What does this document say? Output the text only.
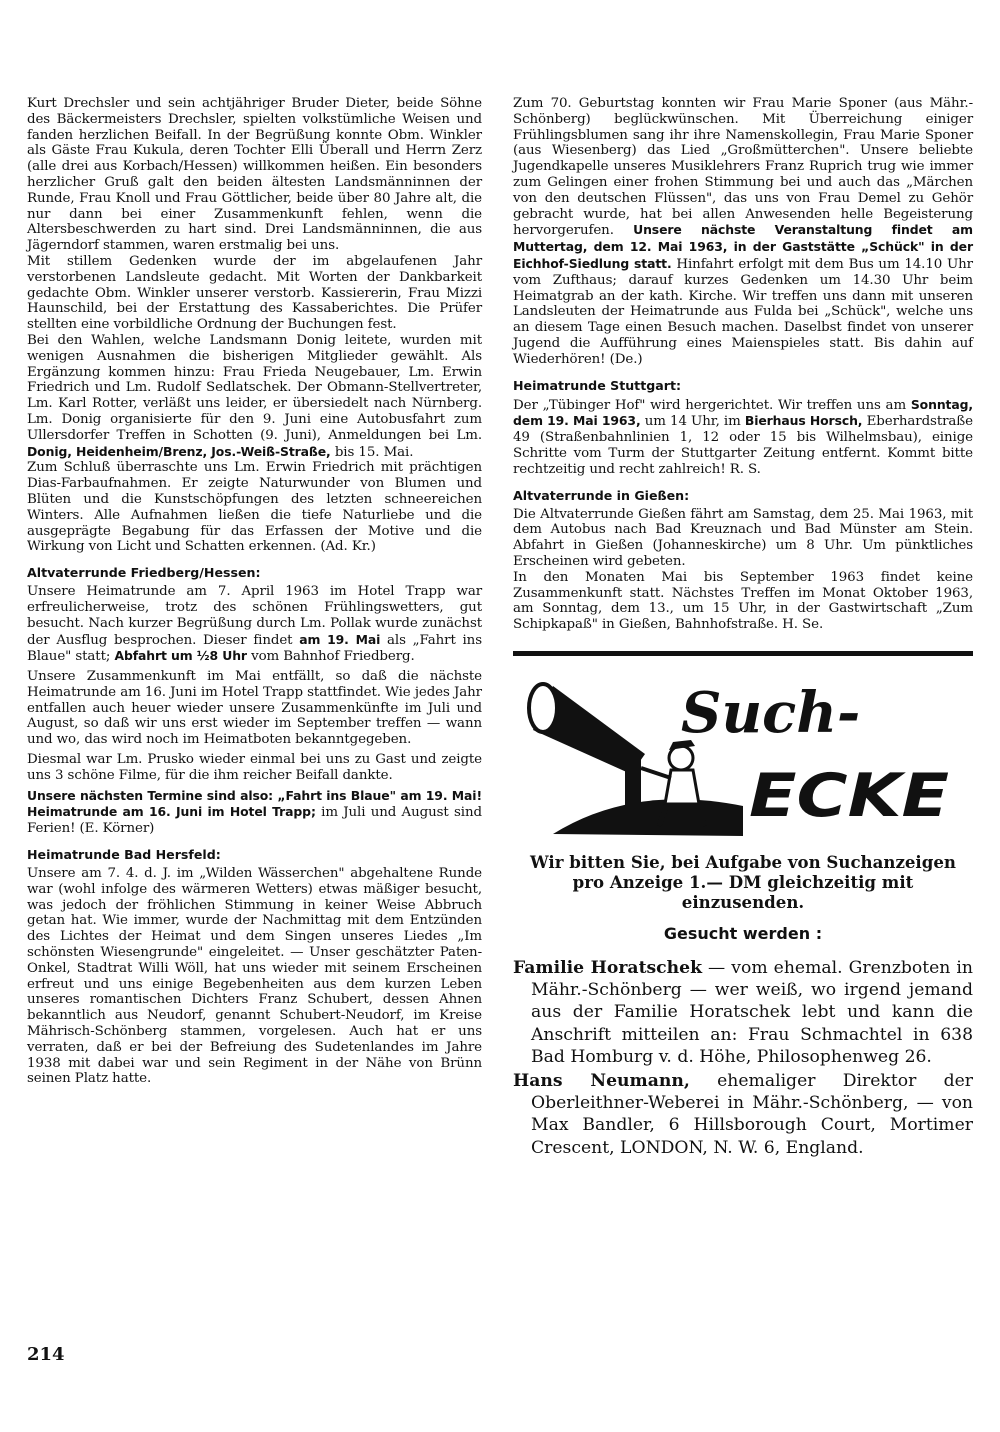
Kurt Drechsler und sein achtjähriger Bruder Dieter, beide Söhne des Bäckermeisters Drechsler, spielten volkstümliche Weisen und fanden herzlichen Beifall. In der Begrüßung konnte Obm. Winkler als Gäste Frau Kukula, deren Tochter Elli Überall und Herrn Zerz (alle drei aus Korbach/Hessen) willkommen heißen. Ein besonders herzlicher Gruß galt den beiden ältesten Landsmänninnen der Runde, Frau Knoll und Frau Göttlicher, beide über 80 Jahre alt, die nur dann bei einer Zusammenkunft fehlen, wenn die Altersbeschwerden zu hart sind. Drei Landsmänninnen, die aus Jägerndorf stammen, waren erstmalig bei uns.

Mit stillem Gedenken wurde der im abgelaufenen Jahr verstorbenen Landsleute gedacht. Mit Worten der Dankbarkeit gedachte Obm. Winkler unserer verstorb. Kassiererin, Frau Mizzi Haunschild, bei der Erstattung des Kassaberichtes. Die Prüfer stellten eine vorbildliche Ordnung der Buchungen fest.

Bei den Wahlen, welche Landsmann Donig leitete, wurden mit wenigen Ausnahmen die bisherigen Mitglieder gewählt. Als Ergänzung kommen hinzu: Frau Frieda Neugebauer, Lm. Erwin Friedrich und Lm. Rudolf Sedlatschek. Der Obmann-Stellvertreter, Lm. Karl Rotter, verläßt uns leider, er übersiedelt nach Nürnberg. Lm. Donig organisierte für den 9. Juni eine Autobusfahrt zum Ullersdorfer Treffen in Schotten (9. Juni), Anmeldungen bei Lm. Donig, Heidenheim/Brenz, Jos.-Weiß-Straße, bis 15. Mai.

Zum Schluß überraschte uns Lm. Erwin Friedrich mit prächtigen Dias-Farbaufnahmen. Er zeigte Naturwunder von Blumen und Blüten und die Kunstschöpfungen des letzten schneereichen Winters. Alle Aufnahmen ließen die tiefe Naturliebe und die ausgeprägte Begabung für das Erfassen der Motive und die Wirkung von Licht und Schatten erkennen. (Ad. Kr.)

Altvaterrunde Friedberg/Hessen:

Unsere Heimatrunde am 7. April 1963 im Hotel Trapp war erfreulicherweise, trotz des schönen Frühlingswetters, gut besucht. Nach kurzer Begrüßung durch Lm. Pollak wurde zunächst der Ausflug besprochen. Dieser findet am 19. Mai als „Fahrt ins Blaue" statt; Abfahrt um ½8 Uhr vom Bahnhof Friedberg.

Unsere Zusammenkunft im Mai entfällt, so daß die nächste Heimatrunde am 16. Juni im Hotel Trapp stattfindet. Wie jedes Jahr entfallen auch heuer wieder unsere Zusammenkünfte im Juli und August, so daß wir uns erst wieder im September treffen — wann und wo, das wird noch im Heimatboten bekanntgegeben.

Diesmal war Lm. Prusko wieder einmal bei uns zu Gast und zeigte uns 3 schöne Filme, für die ihm reicher Beifall dankte.

Unsere nächsten Termine sind also: „Fahrt ins Blaue" am 19. Mai! Heimatrunde am 16. Juni im Hotel Trapp; im Juli und August sind Ferien! (E. Körner)

Heimatrunde Bad Hersfeld:

Unsere am 7. 4. d. J. im „Wilden Wässerchen" abgehaltene Runde war (wohl infolge des wärmeren Wetters) etwas mäßiger besucht, was jedoch der fröhlichen Stimmung in keiner Weise Abbruch getan hat. Wie immer, wurde der Nachmittag mit dem Entzünden des Lichtes der Heimat und dem Singen unseres Liedes „Im schönsten Wiesengrunde" eingeleitet. — Unser geschätzter Paten-Onkel, Stadtrat Willi Wöll, hat uns wieder mit seinem Erscheinen erfreut und uns einige Begebenheiten aus dem kurzen Leben unseres romantischen Dichters Franz Schubert, dessen Ahnen bekanntlich aus Neudorf, genannt Schubert-Neudorf, im Kreise Mährisch-Schönberg stammen, vorgelesen. Auch hat er uns verraten, daß er bei der Befreiung des Sudetenlandes im Jahre 1938 mit dabei war und sein Regiment in der Nähe von Brünn seinen Platz hatte.

214

Zum 70. Geburtstag konnten wir Frau Marie Sponer (aus Mähr.-Schönberg) beglückwünschen. Mit Überreichung einiger Frühlingsblumen sang ihr ihre Namenskollegin, Frau Marie Sponer (aus Wiesenberg) das Lied „Großmütterchen". Unsere beliebte Jugendkapelle unseres Musiklehrers Franz Ruprich trug wie immer zum Gelingen einer frohen Stimmung bei und auch das „Märchen von den deutschen Flüssen", das uns von Frau Demel zu Gehör gebracht wurde, hat bei allen Anwesenden helle Begeisterung hervorgerufen. Unsere nächste Veranstaltung findet am Muttertag, dem 12. Mai 1963, in der Gaststätte „Schück" in der Eichhof-Siedlung statt. Hinfahrt erfolgt mit dem Bus um 14.10 Uhr vom Zufthaus; darauf kurzes Gedenken um 14.30 Uhr beim Heimatgrab an der kath. Kirche. Wir treffen uns dann mit unseren Landsleuten der Heimatrunde aus Fulda bei „Schück", welche uns an diesem Tage einen Besuch machen. Daselbst findet von unserer Jugend die Aufführung eines Maienspieles statt. Bis dahin auf Wiederhören! (De.)

Heimatrunde Stuttgart:

Der „Tübinger Hof" wird hergerichtet. Wir treffen uns am Sonntag, dem 19. Mai 1963, um 14 Uhr, im Bierhaus Horsch, Eberhardstraße 49 (Straßenbahnlinien 1, 12 oder 15 bis Wilhelmsbau), einige Schritte vom Turm der Stuttgarter Zeitung entfernt. Kommt bitte rechtzeitig und recht zahlreich! R. S.

Altvaterrunde in Gießen:

Die Altvaterrunde Gießen fährt am Samstag, dem 25. Mai 1963, mit dem Autobus nach Bad Kreuznach und Bad Münster am Stein. Abfahrt in Gießen (Johanneskirche) um 8 Uhr. Um pünktliches Erscheinen wird gebeten.

In den Monaten Mai bis September 1963 findet keine Zusammenkunft statt. Nächstes Treffen im Monat Oktober 1963, am Sonntag, dem 13., um 15 Uhr, in der Gastwirtschaft „Zum Schipkapaß" in Gießen, Bahnhofstraße. H. Se.

Such-
ECKE

Wir bitten Sie, bei Aufgabe von Suchanzeigen pro Anzeige 1.— DM gleichzeitig mit einzusenden.

Gesucht werden :

Familie Horatschek — vom ehemal. Grenzboten in Mähr.-Schönberg — wer weiß, wo irgend jemand aus der Familie Horatschek lebt und kann die Anschrift mitteilen an: Frau Schmachtel in 638 Bad Homburg v. d. Höhe, Philosophenweg 26.

Hans Neumann, ehemaliger Direktor der Oberleithner-Weberei in Mähr.-Schönberg, — von Max Bandler, 6 Hillsborough Court, Mortimer Crescent, LONDON, N. W. 6, England.
